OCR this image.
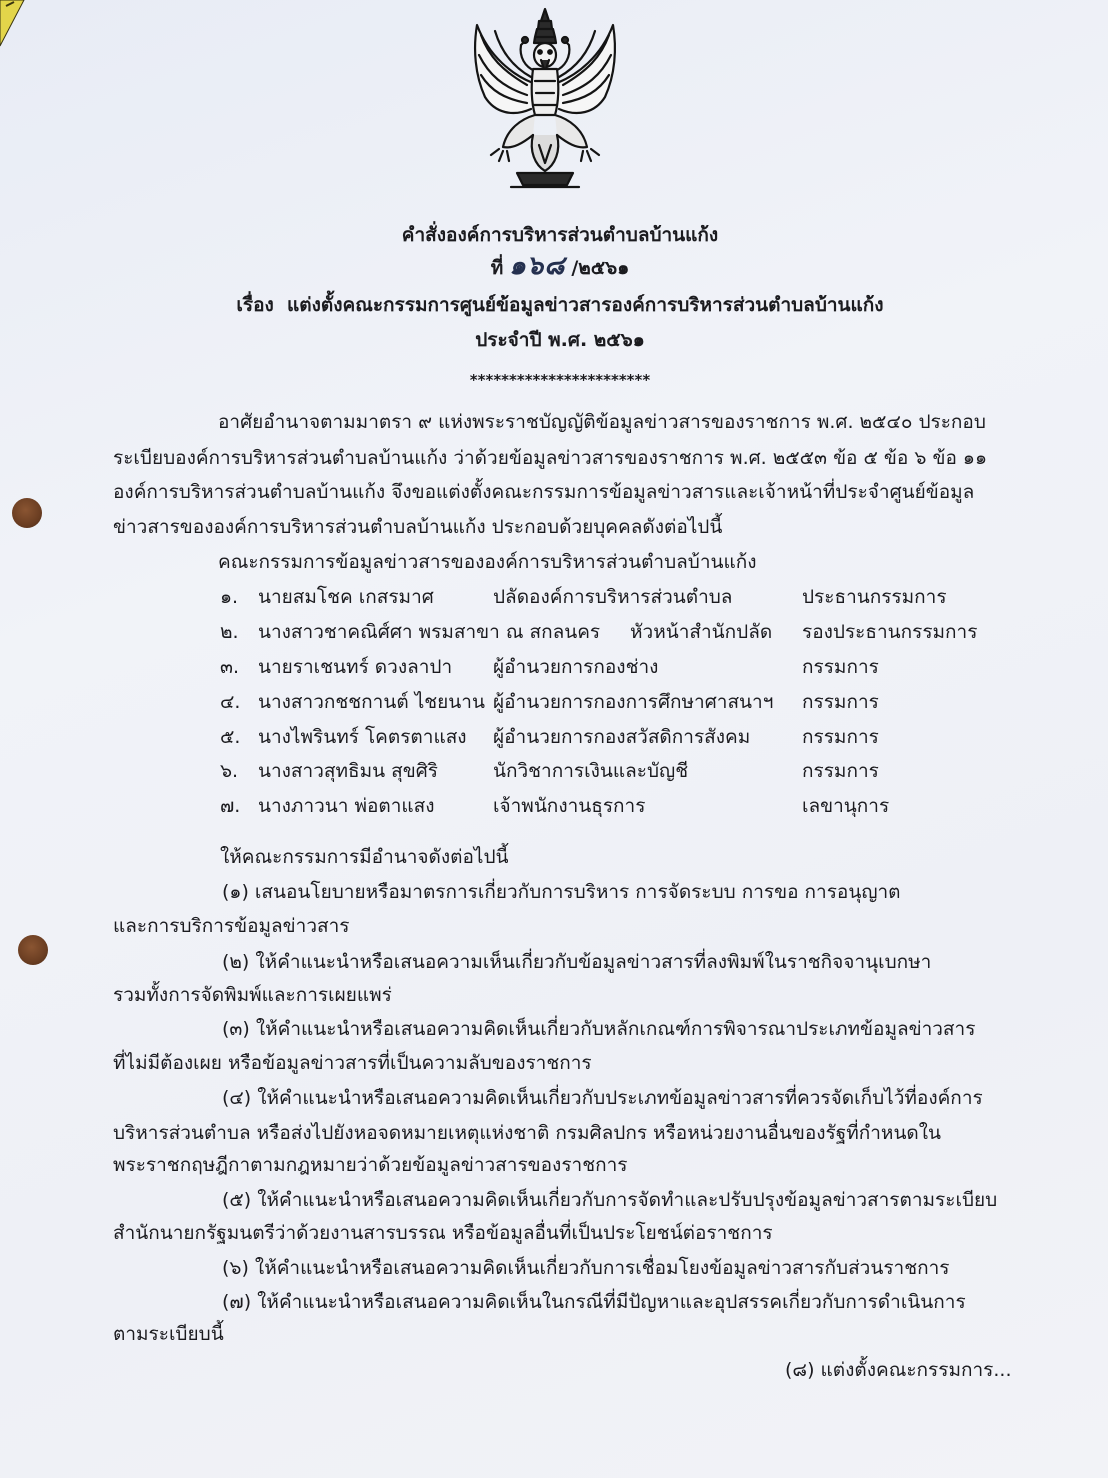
คำสั่งองค์การบริหารส่วนตำบลบ้านแก้ง
ที่ ๑๖๘ /๒๕๖๑
เรื่อง แต่งตั้งคณะกรรมการศูนย์ข้อมูลข่าวสารองค์การบริหารส่วนตำบลบ้านแก้ง
ประจำปี พ.ศ. ๒๕๖๑
***********************
อาศัยอำนาจตามมาตรา ๙ แห่งพระราชบัญญัติข้อมูลข่าวสารของราชการ พ.ศ. ๒๕๔๐ ประกอบ
ระเบียบองค์การบริหารส่วนตำบลบ้านแก้ง ว่าด้วยข้อมูลข่าวสารของราชการ พ.ศ. ๒๕๕๓ ข้อ ๕ ข้อ ๖ ข้อ ๑๑
องค์การบริหารส่วนตำบลบ้านแก้ง จึงขอแต่งตั้งคณะกรรมการข้อมูลข่าวสารและเจ้าหน้าที่ประจำศูนย์ข้อมูล
ข่าวสารขององค์การบริหารส่วนตำบลบ้านแก้ง ประกอบด้วยบุคคลดังต่อไปนี้
คณะกรรมการข้อมูลข่าวสารขององค์การบริหารส่วนตำบลบ้านแก้ง
๑. นายสมโชค เกสรมาศ	ปลัดองค์การบริหารส่วนตำบล	ประธานกรรมการ
๒. นางสาวชาคณิศ์ศา พรมสาขา ณ สกลนคร หัวหน้าสำนักปลัด รองประธานกรรมการ
๓. นายราเชนทร์ ดวงลาปา ผู้อำนวยการกองช่าง	กรรมการ
๔. นางสาวกชชกานต์ ไชยนาน ผู้อำนวยการกองการศึกษาศาสนาฯ กรรมการ
๕. นางไพรินทร์ โคตรตาแสง ผู้อำนวยการกองสวัสดิการสังคม	กรรมการ
๖. นางสาวสุทธิมน สุขศิริ	นักวิชาการเงินและบัญชี	กรรมการ
๗. นางภาวนา พ่อตาแสง	เจ้าพนักงานธุรการ	เลขานุการ
ให้คณะกรรมการมีอำนาจดังต่อไปนี้
(๑) เสนอนโยบายหรือมาตรการเกี่ยวกับการบริหาร การจัดระบบ การขอ การอนุญาต
และการบริการข้อมูลข่าวสาร
(๒) ให้คำแนะนำหรือเสนอความเห็นเกี่ยวกับข้อมูลข่าวสารที่ลงพิมพ์ในราชกิจจานุเบกษา
รวมทั้งการจัดพิมพ์และการเผยแพร่
(๓) ให้คำแนะนำหรือเสนอความคิดเห็นเกี่ยวกับหลักเกณฑ์การพิจารณาประเภทข้อมูลข่าวสาร
ที่ไม่มีต้องเผย หรือข้อมูลข่าวสารที่เป็นความลับของราชการ
(๔) ให้คำแนะนำหรือเสนอความคิดเห็นเกี่ยวกับประเภทข้อมูลข่าวสารที่ควรจัดเก็บไว้ที่องค์การ
บริหารส่วนตำบล หรือส่งไปยังหอจดหมายเหตุแห่งชาติ กรมศิลปกร หรือหน่วยงานอื่นของรัฐที่กำหนดใน
พระราชกฤษฎีกาตามกฎหมายว่าด้วยข้อมูลข่าวสารของราชการ
(๕) ให้คำแนะนำหรือเสนอความคิดเห็นเกี่ยวกับการจัดทำและปรับปรุงข้อมูลข่าวสารตามระเบียบ
สำนักนายกรัฐมนตรีว่าด้วยงานสารบรรณ หรือข้อมูลอื่นที่เป็นประโยชน์ต่อราชการ
(๖) ให้คำแนะนำหรือเสนอความคิดเห็นเกี่ยวกับการเชื่อมโยงข้อมูลข่าวสารกับส่วนราชการ
(๗) ให้คำแนะนำหรือเสนอความคิดเห็นในกรณีที่มีปัญหาและอุปสรรคเกี่ยวกับการดำเนินการ
ตามระเบียบนี้
(๘) แต่งตั้งคณะกรรมการ...
